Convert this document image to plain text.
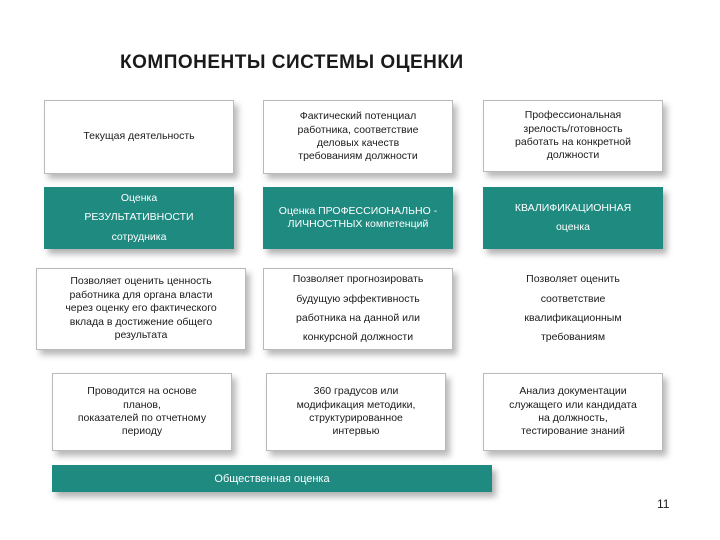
КОМПОНЕНТЫ СИСТЕМЫ ОЦЕНКИ
Текущая деятельность
Фактический потенциал
работника, соответствие
деловых качеств
требованиям должности
Профессиональная
зрелость/готовность
работать на конкретной
должности
Оценка
РЕЗУЛЬТАТИВНОСТИ
сотрудника
Оценка ПРОФЕССИОНАЛЬНО -
ЛИЧНОСТНЫХ компетенций
КВАЛИФИКАЦИОННАЯ
оценка
Позволяет оценить ценность
работника для органа власти
через оценку его фактического
вклада в достижение общего
результата
Позволяет прогнозировать
будущую эффективность
работника на данной или
конкурсной должности
Позволяет оценить
соответствие
квалификационным
требованиям
Проводится на основе
планов,
показателей по отчетному
периоду
360 градусов или
модификация методики,
структурированное
интервью
Анализ документации
служащего или кандидата
на должность,
тестирование знаний
Общественная оценка
11
